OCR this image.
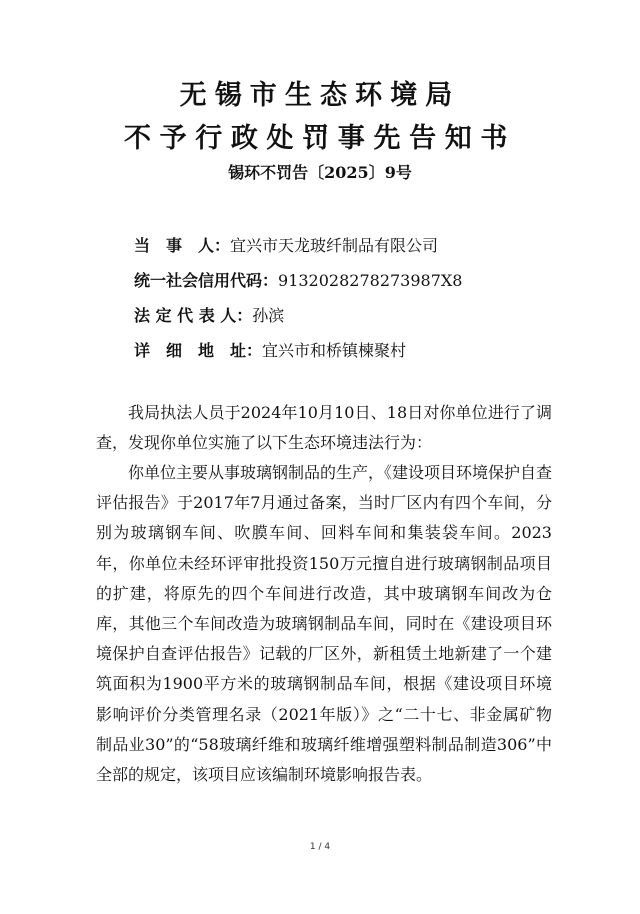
无锡市生态环境局
不予行政处罚事先告知书
锡环不罚告〔2025〕9号
当　事　人：宜兴市天龙玻纤制品有限公司
统一社会信用代码：9132028278273987X8
法 定 代 表 人：孙滨
详　细　地　址：宜兴市和桥镇楝聚村

我局执法人员于2024年10月10日、18日对你单位进行了调查，发现你单位实施了以下生态环境违法行为：

你单位主要从事玻璃钢制品的生产，《建设项目环境保护自查评估报告》于2017年7月通过备案，当时厂区内有四个车间，分别为玻璃钢车间、吹膜车间、回料车间和集装袋车间。2023年，你单位未经环评审批投资150万元擅自进行玻璃钢制品项目的扩建，将原先的四个车间进行改造，其中玻璃钢车间改为仓库，其他三个车间改造为玻璃钢制品车间，同时在《建设项目环境保护自查评估报告》记载的厂区外，新租赁土地新建了一个建筑面积为1900平方米的玻璃钢制品车间，根据《建设项目环境影响评价分类管理名录（2021年版）》之“二十七、非金属矿物制品业30”的“58玻璃纤维和玻璃纤维增强塑料制品制造306”中全部的规定，该项目应该编制环境影响报告表。

1 / 4
